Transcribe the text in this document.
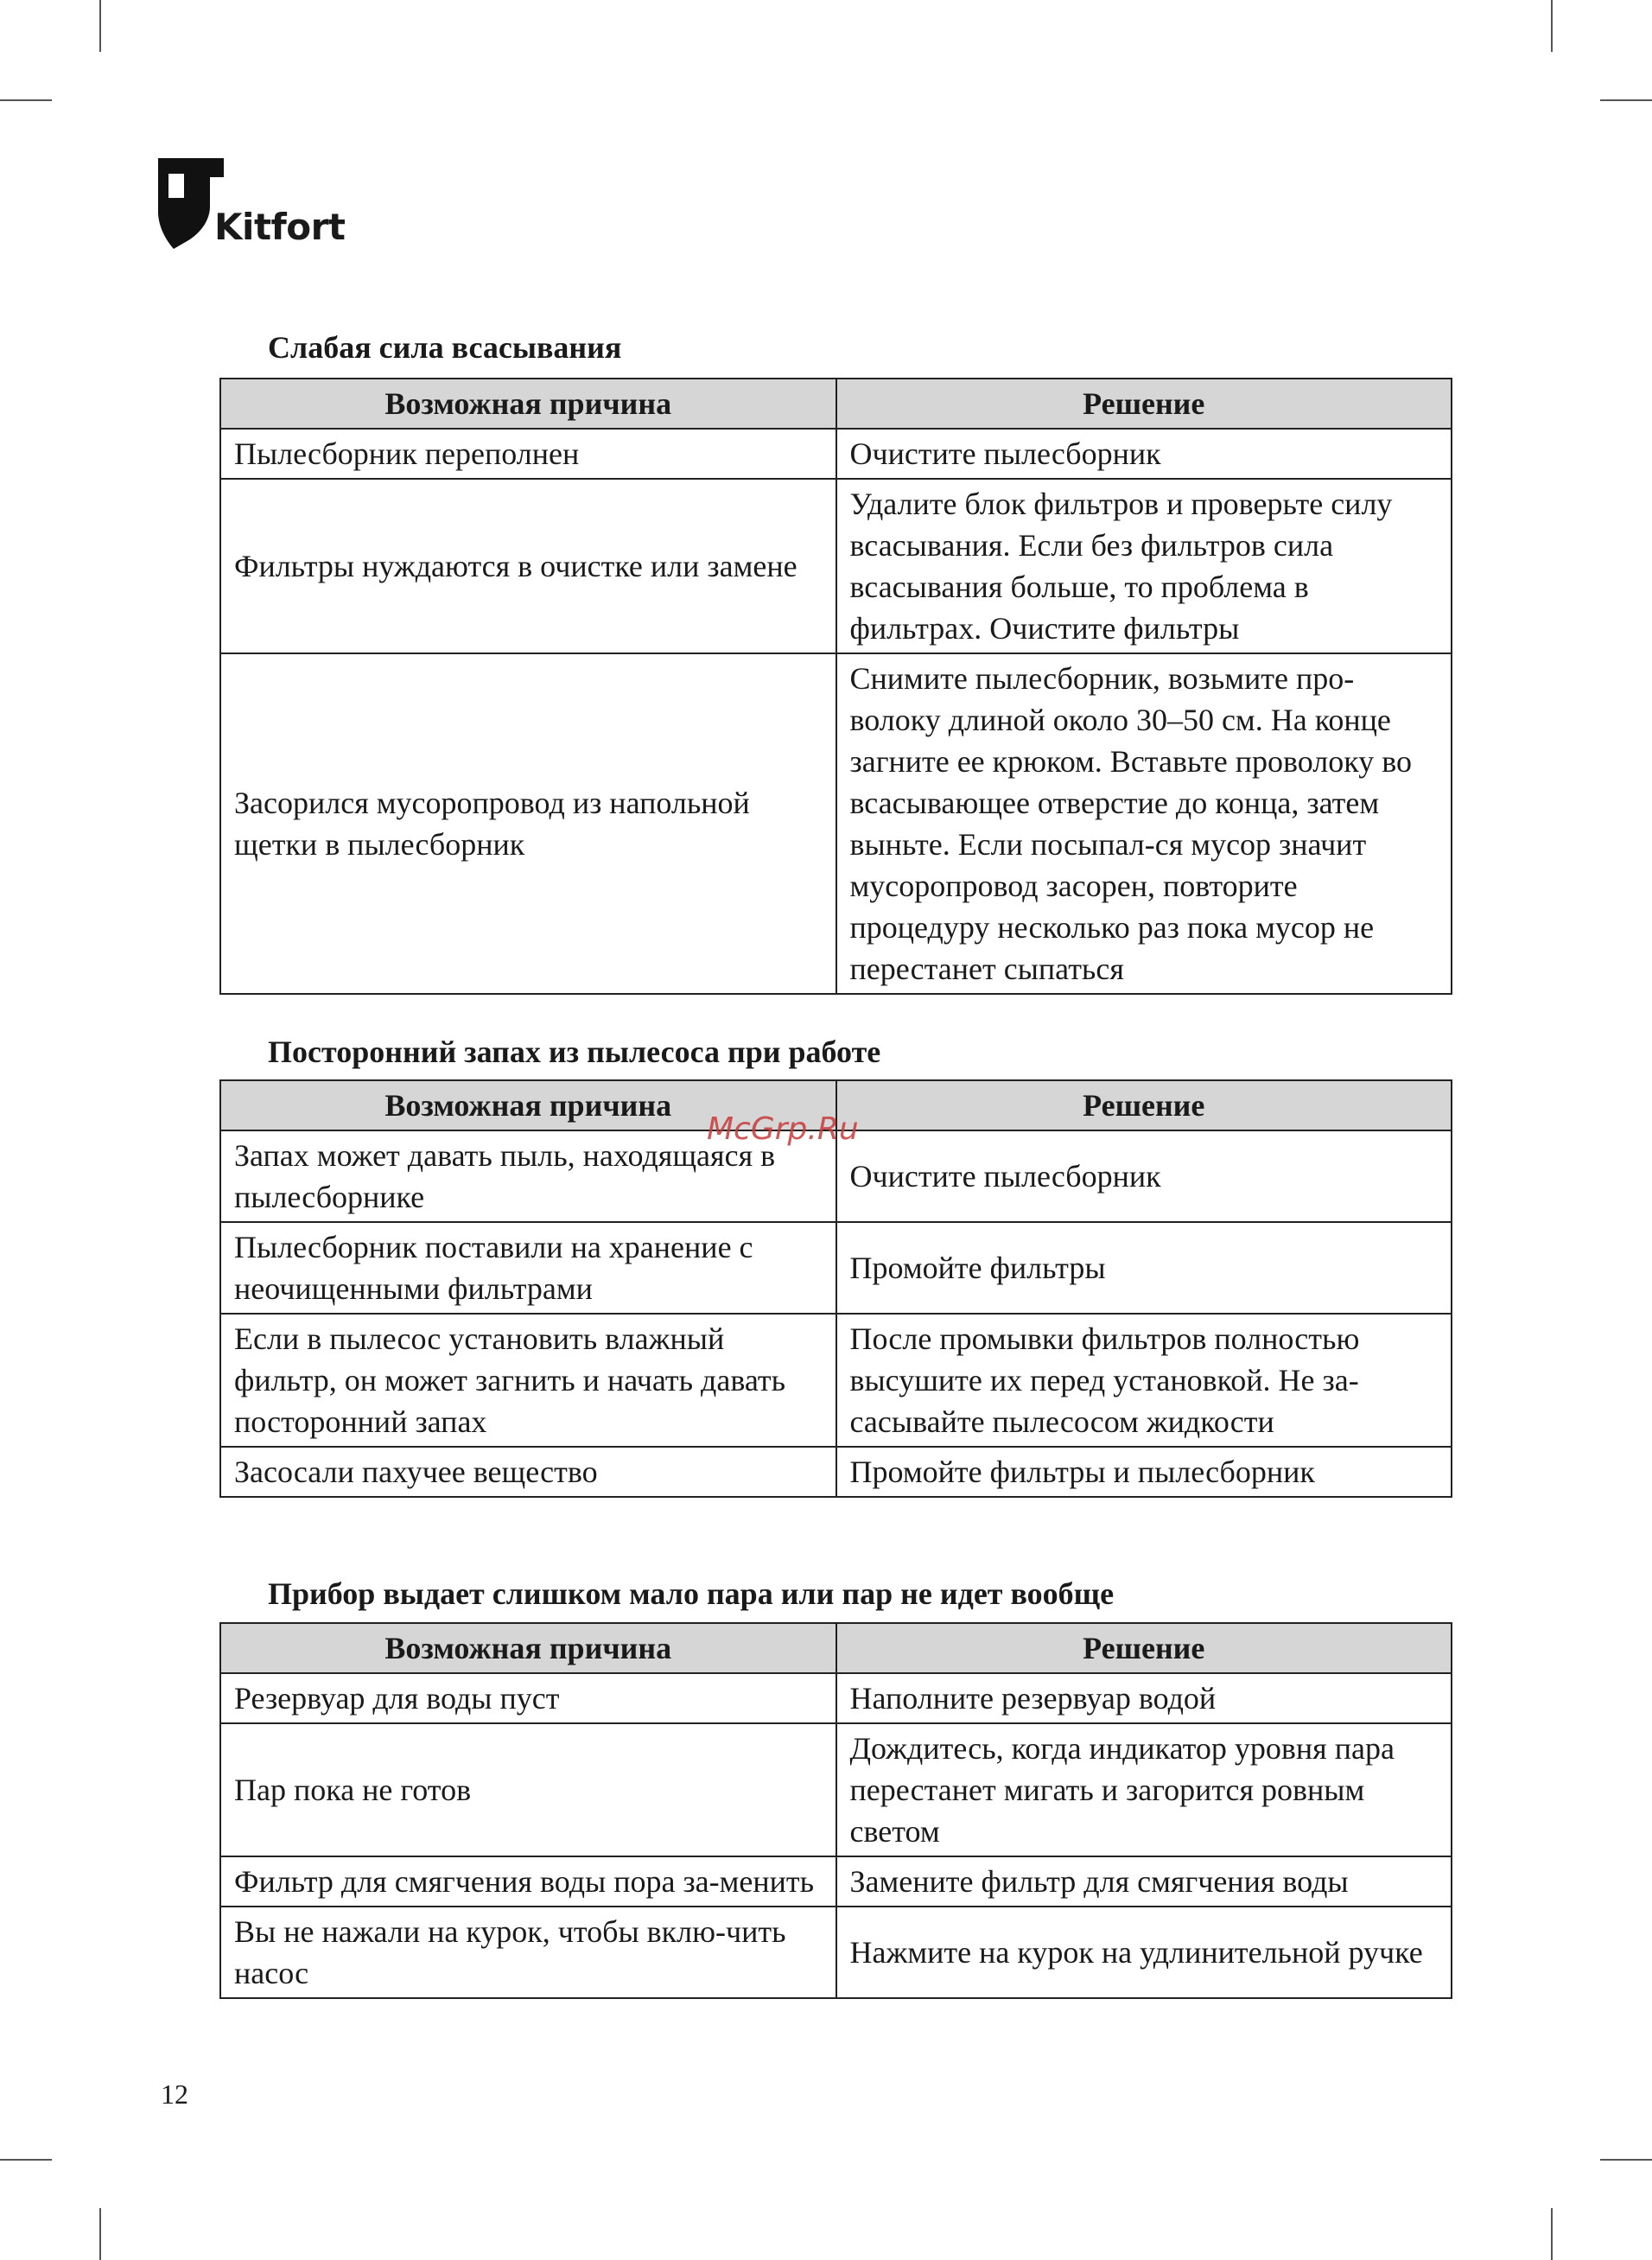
Kitfort
Слабая сила всасывания
Возможная причина	Решение
Пылесборник переполнен	Очистите пылесборник
Фильтры нуждаются в очистке или замене	Удалите блок фильтров и проверьте силу всасывания. Если без фильтров сила всасывания больше, то проблема в фильтрах. Очистите фильтры
Засорился мусоропровод из напольной щетки в пылесборник	Снимите пылесборник, возьмите про-волоку длиной около 30–50 см. На конце загните ее крюком. Вставьте проволоку во всасывающее отверстие до конца, затем выньте. Если посыпал-ся мусор значит мусоропровод засорен, повторите процедуру несколько раз пока мусор не перестанет сыпаться
Посторонний запах из пылесоса при работе
Возможная причина	Решение
Запах может давать пыль, находящаяся в пылесборнике	Очистите пылесборник
Пылесборник поставили на хранение с неочищенными фильтрами	Промойте фильтры
Если в пылесос установить влажный фильтр, он может загнить и начать давать посторонний запах	После промывки фильтров полностью высушите их перед установкой. Не за-сасывайте пылесосом жидкости
Засосали пахучее вещество	Промойте фильтры и пылесборник
Прибор выдает слишком мало пара или пар не идет вообще
Возможная причина	Решение
Резервуар для воды пуст	Наполните резервуар водой
Пар пока не готов	Дождитесь, когда индикатор уровня пара перестанет мигать и загорится ровным светом
Фильтр для смягчения воды пора за-менить	Замените фильтр для смягчения воды
Вы не нажали на курок, чтобы вклю-чить насос	Нажмите на курок на удлинительной ручке
McGrp.Ru
12
